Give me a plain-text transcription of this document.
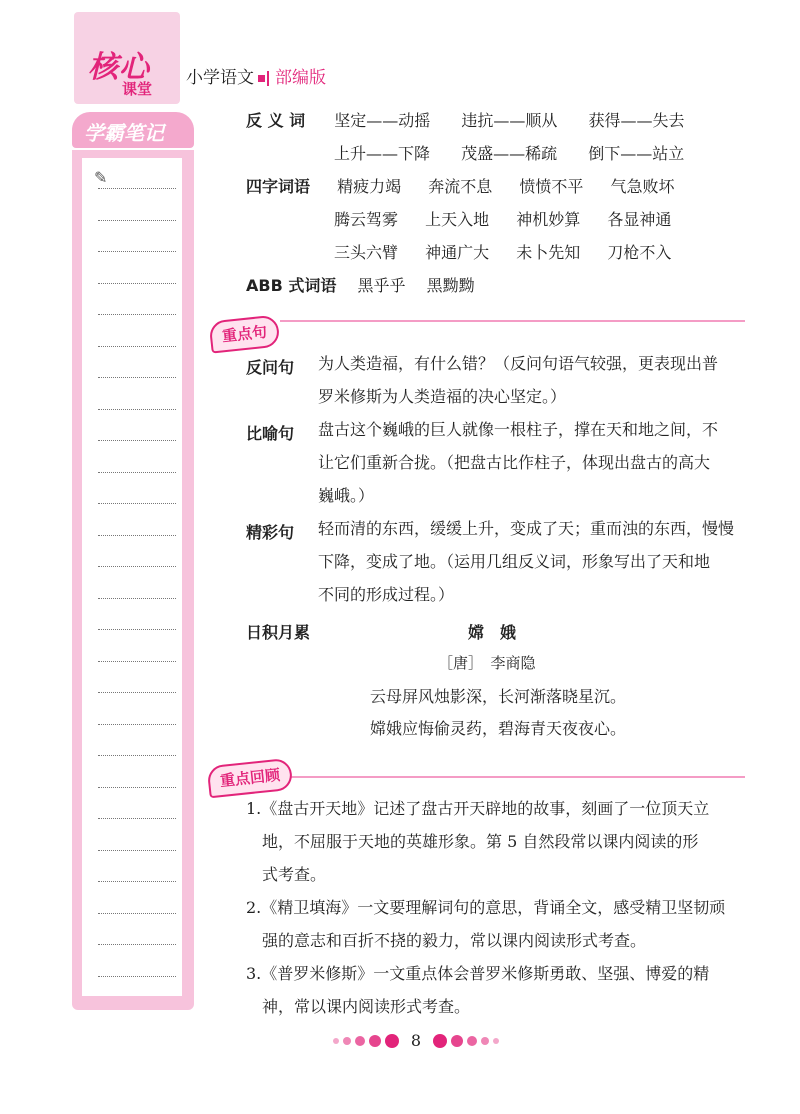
核心
课堂
小学语文 部编版
学霸笔记
✎
反 义 词 坚定——动摇 违抗——顺从 获得——失去
上升——下降 茂盛——稀疏 倒下——站立
四字词语 精疲力竭 奔流不息 愤愤不平 气急败坏
腾云驾雾 上天入地 神机妙算 各显神通
三头六臂 神通广大 未卜先知 刀枪不入
ABB 式词语 黑乎乎 黑黝黝
重点句
反问句 为人类造福，有什么错？（反问句语气较强，更表现出普
罗米修斯为人类造福的决心坚定。）
比喻句 盘古这个巍峨的巨人就像一根柱子，撑在天和地之间，不
让它们重新合拢。（把盘古比作柱子，体现出盘古的高大
巍峨。）
精彩句 轻而清的东西，缓缓上升，变成了天；重而浊的东西，慢慢
下降，变成了地。（运用几组反义词，形象写出了天和地
不同的形成过程。）
日积月累	嫦　娥
［唐］　李商隐
云母屏风烛影深，长河渐落晓星沉。
嫦娥应悔偷灵药，碧海青天夜夜心。
重点回顾
1.《盘古开天地》记述了盘古开天辟地的故事，刻画了一位顶天立
地，不屈服于天地的英雄形象。第 5 自然段常以课内阅读的形
式考查。
2.《精卫填海》一文要理解词句的意思，背诵全文，感受精卫坚韧顽
强的意志和百折不挠的毅力，常以课内阅读形式考查。
3.《普罗米修斯》一文重点体会普罗米修斯勇敢、坚强、博爱的精
神，常以课内阅读形式考查。
8
